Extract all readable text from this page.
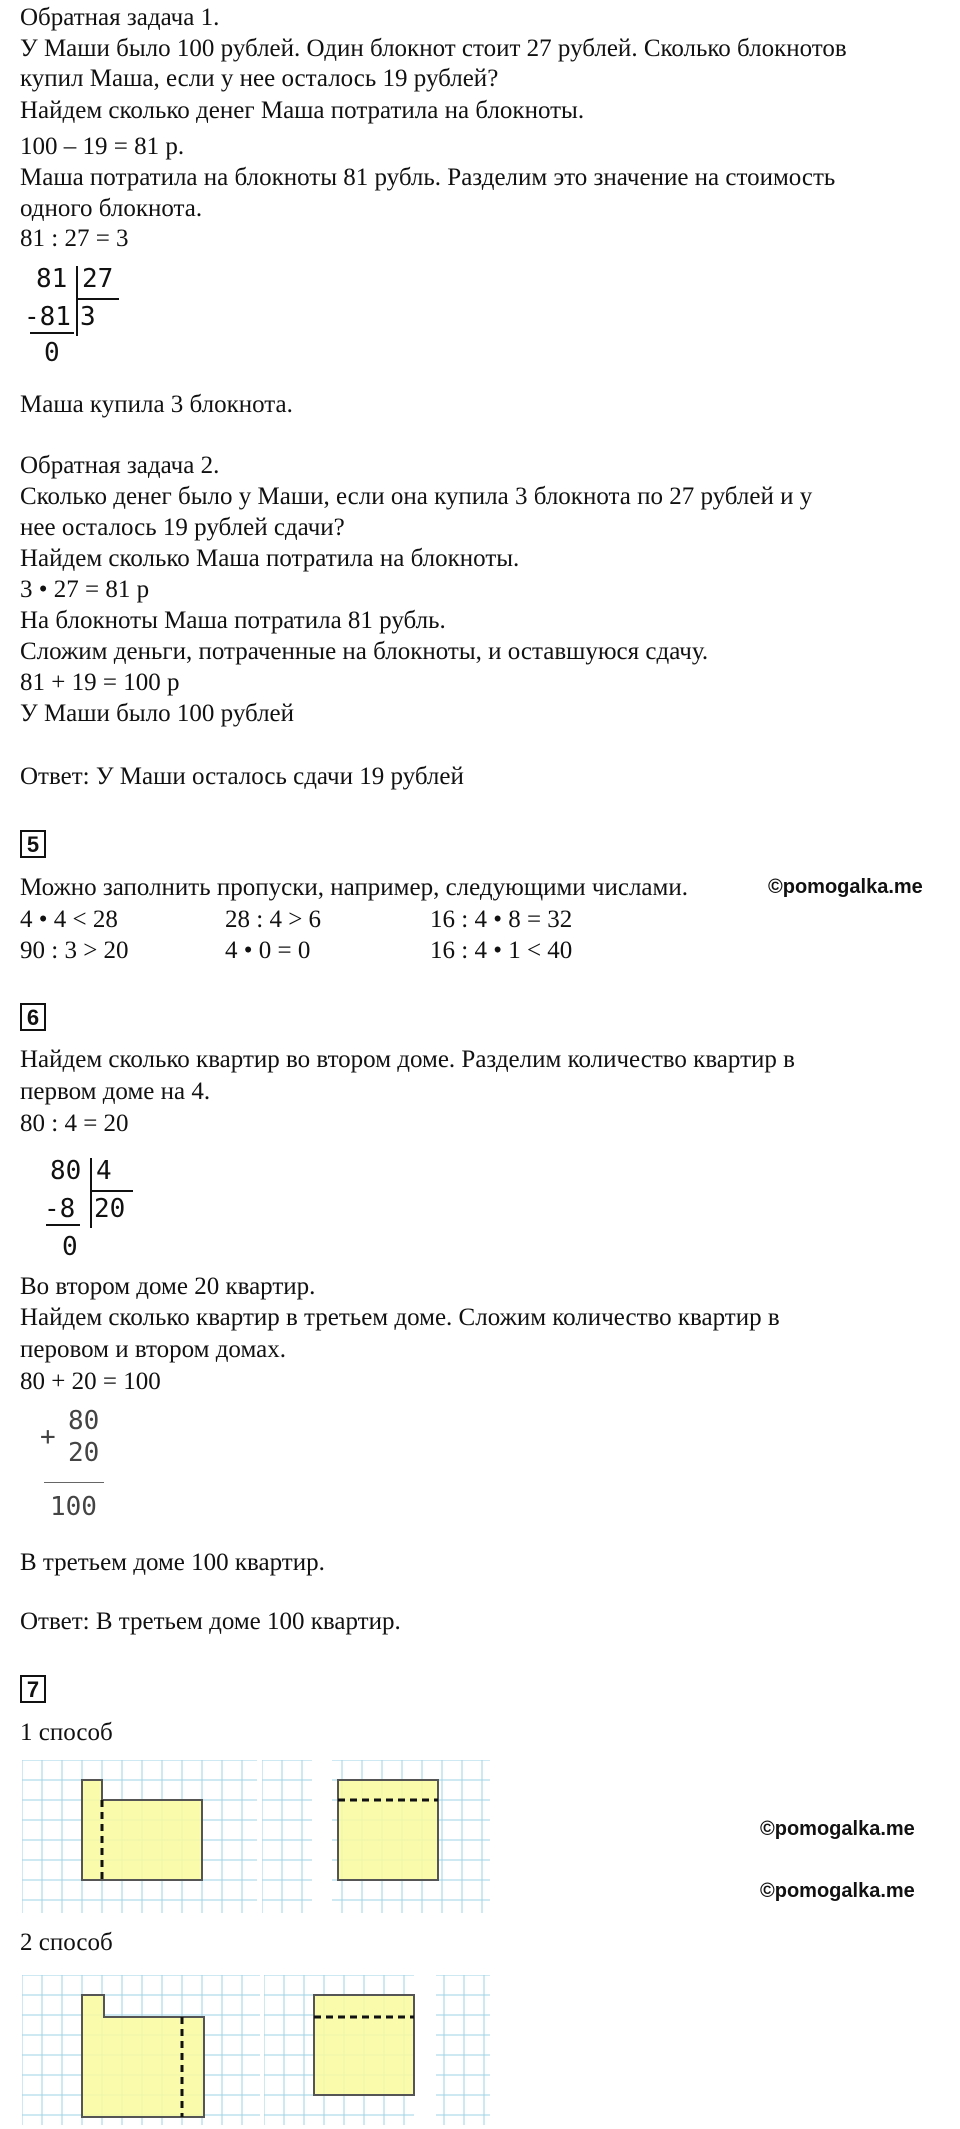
Обратная задача 1.
У Маши было 100 рублей. Один блокнот стоит 27 рублей. Сколько блокнотов
купил Маша, если у нее осталось 19 рублей?
Найдем сколько денег Маша потратила на блокноты.
100 – 19 = 81 р.
Маша потратила на блокноты 81 рубль. Разделим это значение на стоимость
одного блокнота.
81 : 27 = 3
81 27
-81 3
0
Маша купила 3 блокнота.
Обратная задача 2.
Сколько денег было у Маши, если она купила 3 блокнота по 27 рублей и у
нее осталось 19 рублей сдачи?
Найдем сколько Маша потратила на блокноты.
3 • 27 = 81 р
На блокноты Маша потратила 81 рубль.
Сложим деньги, потраченные на блокноты, и оставшуюся сдачу.
81 + 19 = 100 р
У Маши было 100 рублей
Ответ: У Маши осталось сдачи 19 рублей
5
Можно заполнить пропуски, например, следующими числами.	©pomogalka.me
4 • 4 < 28	28 : 4 > 6	16 : 4 • 8 = 32
90 : 3 > 20	4 • 0 = 0	16 : 4 • 1 < 40
6
Найдем сколько квартир во втором доме. Разделим количество квартир в
первом доме на 4.
80 : 4 = 20
80 4
-8 20
0
Во втором доме 20 квартир.
Найдем сколько квартир в третьем доме. Сложим количество квартир в
перовом и втором домах.
80 + 20 = 100
+
80
20
100
В третьем доме 100 квартир.
Ответ: В третьем доме 100 квартир.
7
1 способ
©pomogalka.me
©pomogalka.me
2 способ
